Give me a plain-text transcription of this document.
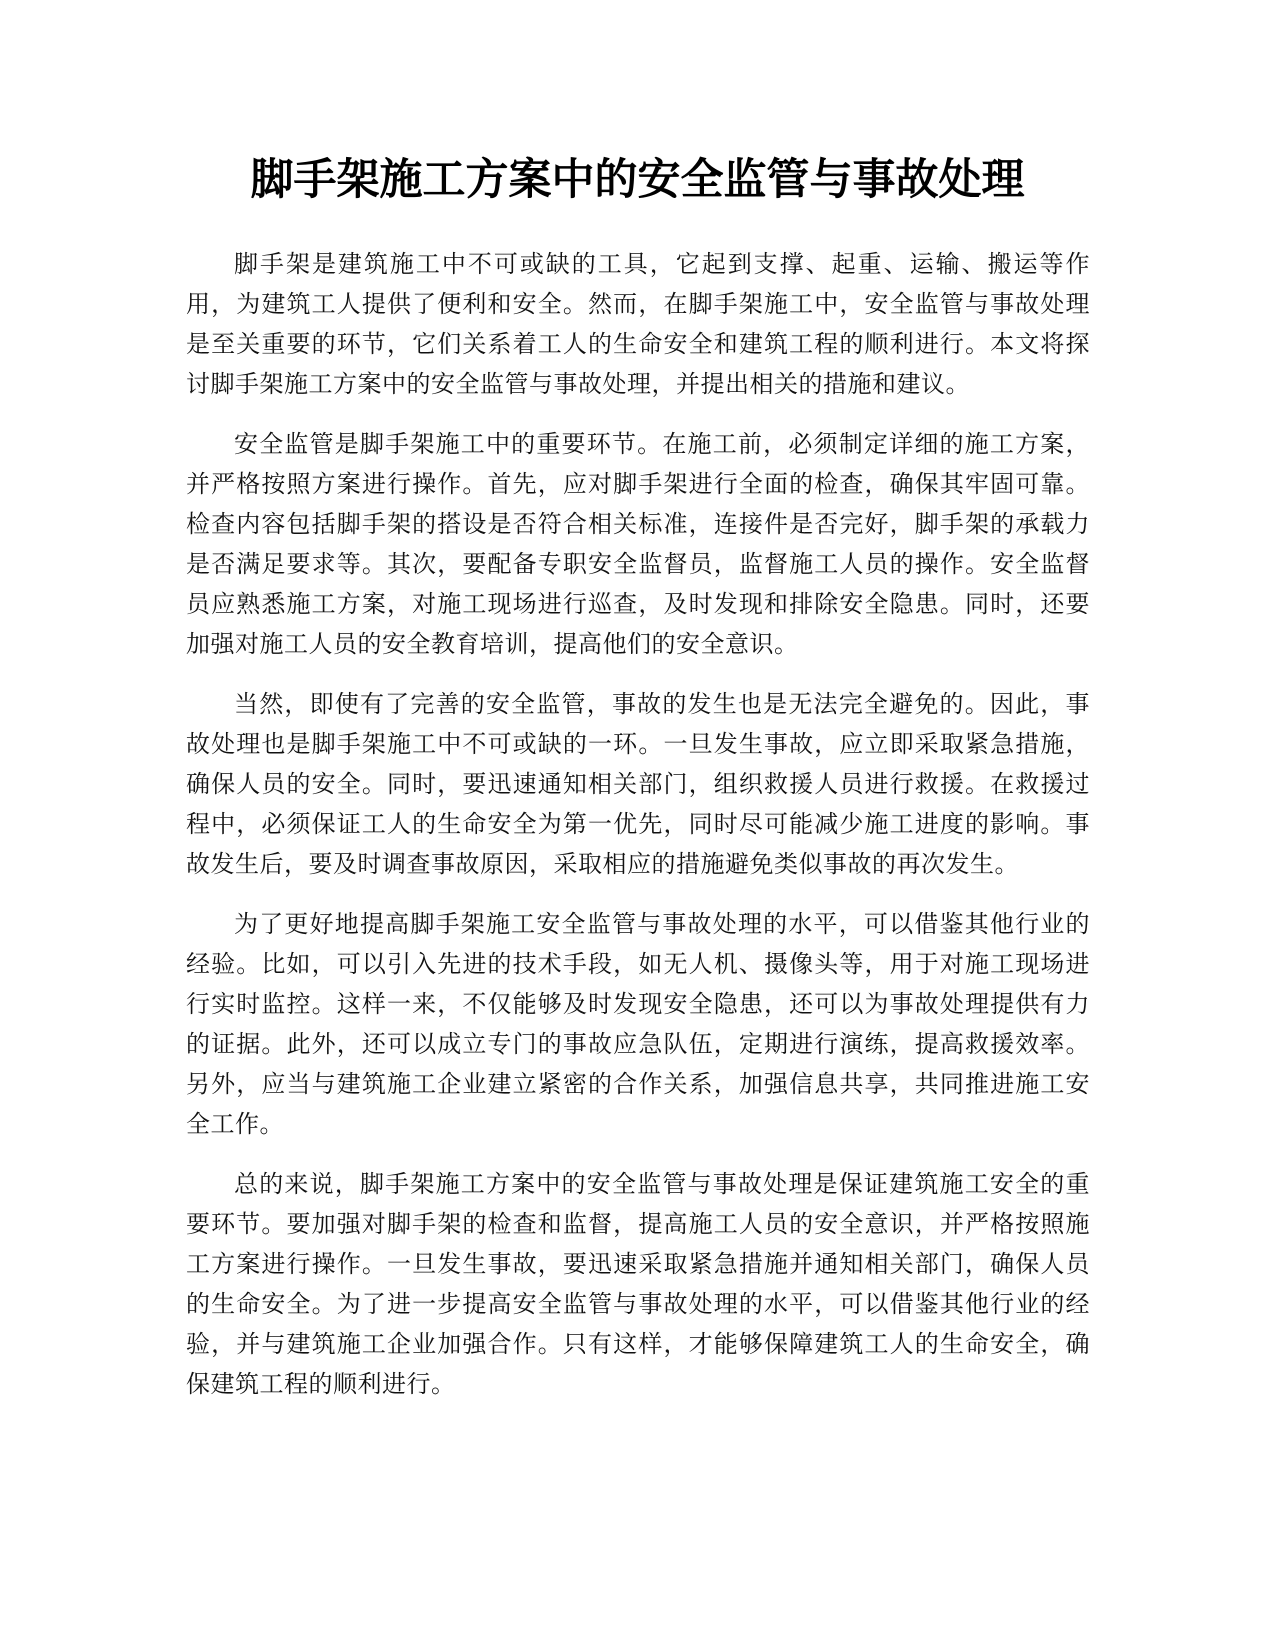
脚手架施工方案中的安全监管与事故处理

脚手架是建筑施工中不可或缺的工具，它起到支撑、起重、运输、搬运等作用，为建筑工人提供了便利和安全。然而，在脚手架施工中，安全监管与事故处理是至关重要的环节，它们关系着工人的生命安全和建筑工程的顺利进行。本文将探讨脚手架施工方案中的安全监管与事故处理，并提出相关的措施和建议。

安全监管是脚手架施工中的重要环节。在施工前，必须制定详细的施工方案，并严格按照方案进行操作。首先，应对脚手架进行全面的检查，确保其牢固可靠。检查内容包括脚手架的搭设是否符合相关标准，连接件是否完好，脚手架的承载力是否满足要求等。其次，要配备专职安全监督员，监督施工人员的操作。安全监督员应熟悉施工方案，对施工现场进行巡查，及时发现和排除安全隐患。同时，还要加强对施工人员的安全教育培训，提高他们的安全意识。

当然，即使有了完善的安全监管，事故的发生也是无法完全避免的。因此，事故处理也是脚手架施工中不可或缺的一环。一旦发生事故，应立即采取紧急措施，确保人员的安全。同时，要迅速通知相关部门，组织救援人员进行救援。在救援过程中，必须保证工人的生命安全为第一优先，同时尽可能减少施工进度的影响。事故发生后，要及时调查事故原因，采取相应的措施避免类似事故的再次发生。

为了更好地提高脚手架施工安全监管与事故处理的水平，可以借鉴其他行业的经验。比如，可以引入先进的技术手段，如无人机、摄像头等，用于对施工现场进行实时监控。这样一来，不仅能够及时发现安全隐患，还可以为事故处理提供有力的证据。此外，还可以成立专门的事故应急队伍，定期进行演练，提高救援效率。另外，应当与建筑施工企业建立紧密的合作关系，加强信息共享，共同推进施工安全工作。

总的来说，脚手架施工方案中的安全监管与事故处理是保证建筑施工安全的重要环节。要加强对脚手架的检查和监督，提高施工人员的安全意识，并严格按照施工方案进行操作。一旦发生事故，要迅速采取紧急措施并通知相关部门，确保人员的生命安全。为了进一步提高安全监管与事故处理的水平，可以借鉴其他行业的经验，并与建筑施工企业加强合作。只有这样，才能够保障建筑工人的生命安全，确保建筑工程的顺利进行。
